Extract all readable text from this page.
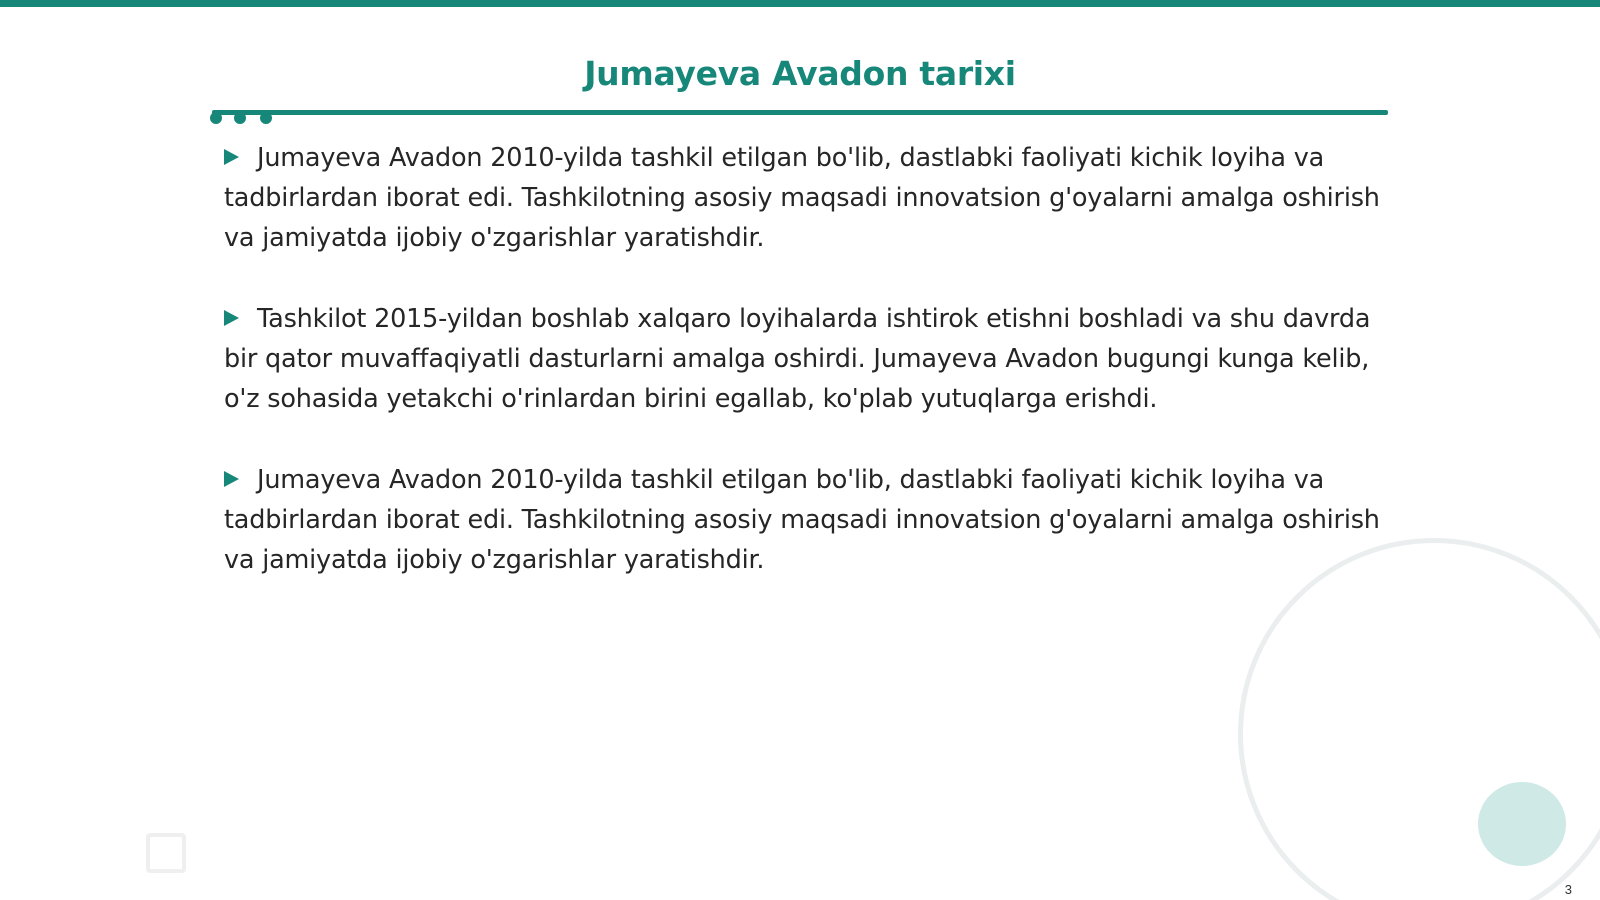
Jumayeva Avadon tarixi
Jumayeva Avadon 2010-yilda tashkil etilgan bo'lib, dastlabki faoliyati kichik loyiha va tadbirlardan iborat edi. Tashkilotning asosiy maqsadi innovatsion g'oyalarni amalga oshirish va jamiyatda ijobiy o'zgarishlar yaratishdir.
Tashkilot 2015-yildan boshlab xalqaro loyihalarda ishtirok etishni boshladi va shu davrda bir qator muvaffaqiyatli dasturlarni amalga oshirdi. Jumayeva Avadon bugungi kunga kelib, o'z sohasida yetakchi o'rinlardan birini egallab, ko'plab yutuqlarga erishdi.
Jumayeva Avadon 2010-yilda tashkil etilgan bo'lib, dastlabki faoliyati kichik loyiha va tadbirlardan iborat edi. Tashkilotning asosiy maqsadi innovatsion g'oyalarni amalga oshirish va jamiyatda ijobiy o'zgarishlar yaratishdir.
3
